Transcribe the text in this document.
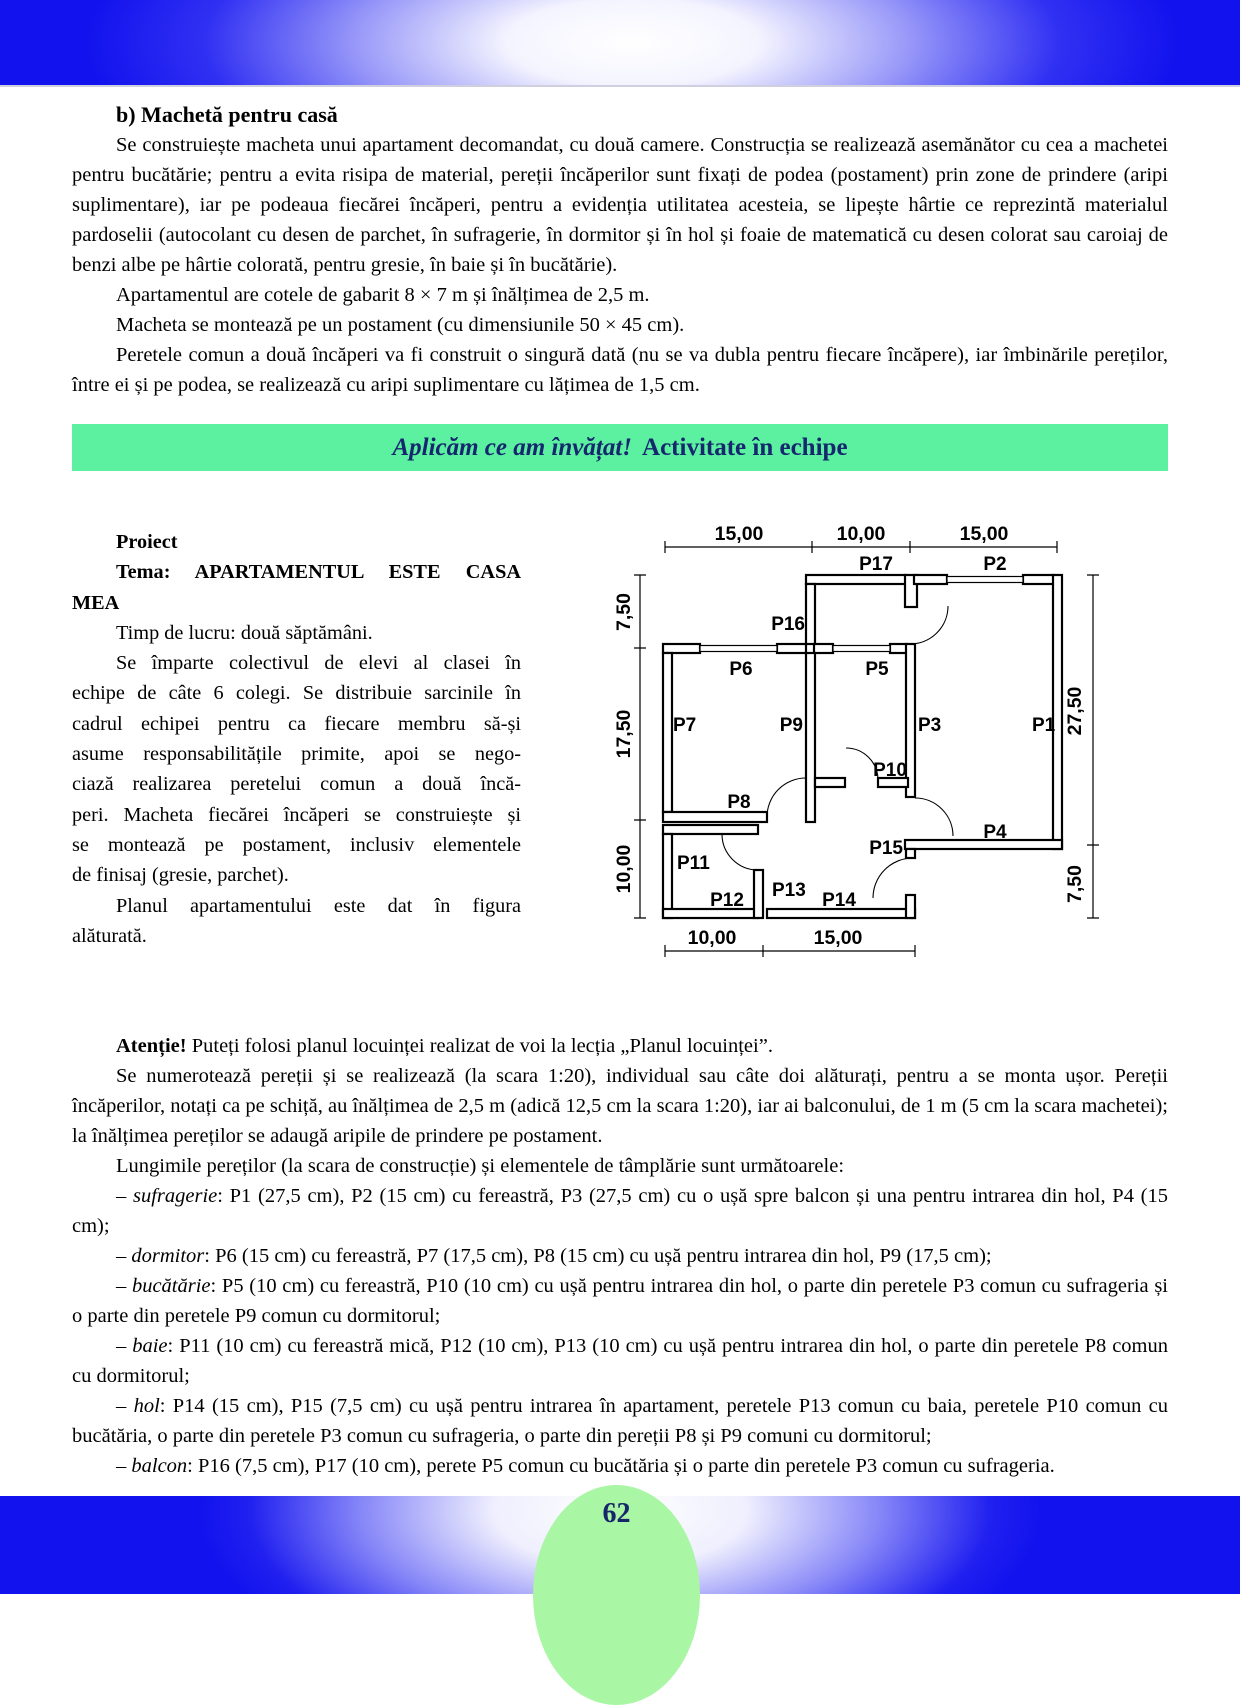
b) Machetă pentru casă

Se construiește macheta unui apartament decomandat, cu două camere. Construcția se realizează asemănător cu cea a machetei pentru bucătărie; pentru a evita risipa de material, pereții încăperilor sunt fixați de podea (postament) prin zone de prindere (aripi suplimentare), iar pe podeaua fiecărei încăperi, pentru a evidenția utilitatea acesteia, se lipește hârtie ce reprezintă materialul pardoselii (autocolant cu desen de parchet, în sufragerie, în dormitor și în hol și foaie de matematică cu desen colorat sau caroiaj de benzi albe pe hârtie colorată, pentru gresie, în baie și în bucătărie).

Apartamentul are cotele de gabarit 8 × 7 m și înălțimea de 2,5 m.

Macheta se montează pe un postament (cu dimensiunile 50 × 45 cm).

Peretele comun a două încăperi va fi construit o singură dată (nu se va dubla pentru fiecare încăpere), iar îmbinările pereților, între ei și pe podea, se realizează cu aripi suplimentare cu lățimea de 1,5 cm.

Aplicăm ce am învățat! Activitate în echipe
Proiect
Tema: APARTAMENTUL ESTE CASA
MEA
Timp de lucru: două săptămâni.
Se împarte colectivul de elevi al clasei în
echipe de câte 6 colegi. Se distribuie sarcinile în
cadrul echipei pentru ca fiecare membru să-și
asume responsabilitățile primite, apoi se nego-
ciază realizarea peretelui comun a două încă-
peri. Macheta fiecărei încăperi se construiește și
se montează pe postament, inclusiv elementele
de finisaj (gresie, parchet).
Planul apartamentului este dat în figura
alăturată.
15,00	10,00	15,00
7,50
17,50
10,00
27,50
7,50
10,00	15,00
P17	P2
P16
P6	P5
P7	P9	P3	P1
P10
P8
P15
P4
P11
P13
P12	P14

Atenție! Puteți folosi planul locuinței realizat de voi la lecția „Planul locuinței”.

Se numerotează pereții și se realizează (la scara 1:20), individual sau câte doi alăturați, pentru a se monta ușor. Pereții încăperilor, notați ca pe schiță, au înălțimea de 2,5 m (adică 12,5 cm la scara 1:20), iar ai balconului, de 1 m (5 cm la scara machetei); la înălțimea pereților se adaugă aripile de prindere pe postament.

Lungimile pereților (la scara de construcție) și elementele de tâmplărie sunt următoarele:

– sufragerie: P1 (27,5 cm), P2 (15 cm) cu fereastră, P3 (27,5 cm) cu o ușă spre balcon și una pentru intrarea din hol, P4 (15 cm);

– dormitor: P6 (15 cm) cu fereastră, P7 (17,5 cm), P8 (15 cm) cu ușă pentru intrarea din hol, P9 (17,5 cm);

– bucătărie: P5 (10 cm) cu fereastră, P10 (10 cm) cu ușă pentru intrarea din hol, o parte din peretele P3 comun cu sufrageria și o parte din peretele P9 comun cu dormitorul;

– baie: P11 (10 cm) cu fereastră mică, P12 (10 cm), P13 (10 cm) cu ușă pentru intrarea din hol, o parte din peretele P8 comun cu dormitorul;

– hol: P14 (15 cm), P15 (7,5 cm) cu ușă pentru intrarea în apartament, peretele P13 comun cu baia, peretele P10 comun cu bucătăria, o parte din peretele P3 comun cu sufrageria, o parte din pereții P8 și P9 comuni cu dormitorul;

– balcon: P16 (7,5 cm), P17 (10 cm), perete P5 comun cu bucătăria și o parte din peretele P3 comun cu sufrageria.

62
